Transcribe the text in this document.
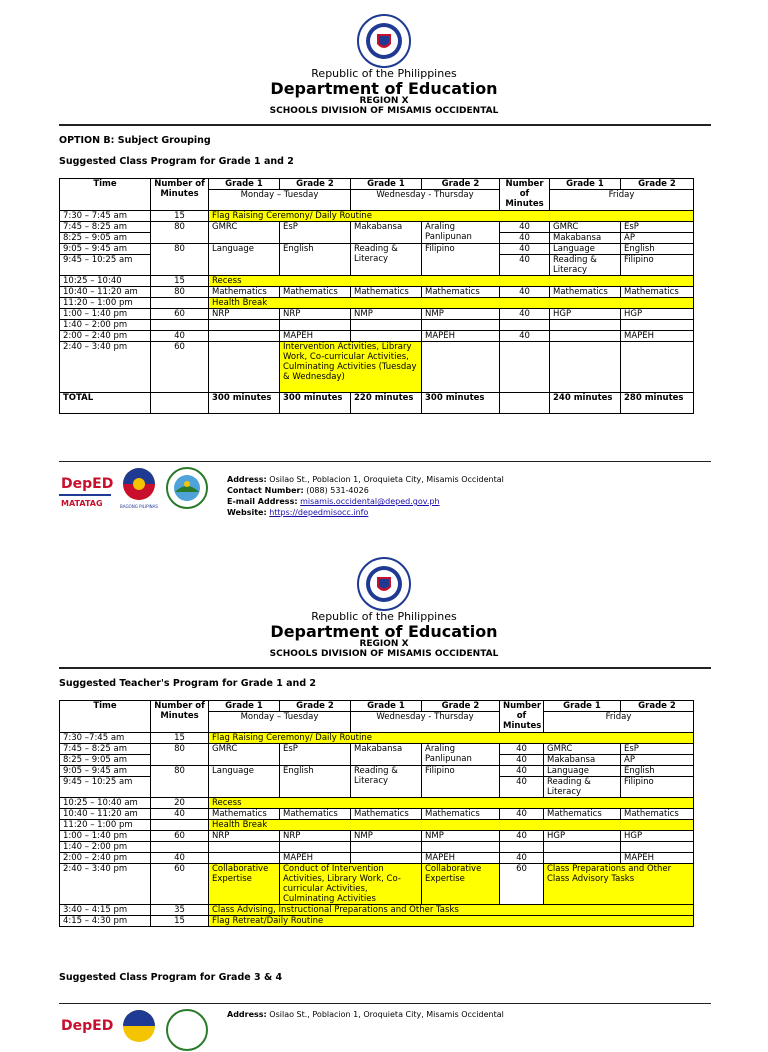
Republic of the Philippines
Department of Education
REGION X
SCHOOLS DIVISION OF MISAMIS OCCIDENTAL
OPTION B: Subject Grouping
Suggested Class Program for Grade 1 and 2
Time	Number of Minutes	Grade 1	Grade 2	Grade 1	Grade 2	Number of Minutes	Grade 1	Grade 2
		Monday – Tuesday		Wednesday - Thursday			Friday	
7:30 – 7:45 am	15	Flag Raising Ceremony/ Daily Routine						
7:45 – 8:25 am	80	GMRC	EsP	Makabansa	Araling Panlipunan	40	GMRC	EsP
8:25 – 9:05 am						40	Makabansa	AP
9:05 – 9:45 am	80	Language	English	Reading & Literacy	Filipino	40	Language	English
9:45 – 10:25 am						40	Reading & Literacy	Filipino
10:25 – 10:40	15	Recess						
10:40 – 11:20 am	80	Mathematics	Mathematics	Mathematics	Mathematics	40	Mathematics	Mathematics
11:20 – 1:00 pm		Health Break						
1:00 – 1:40 pm	60	NRP	NRP	NMP	NMP	40	HGP	HGP
1:40 – 2:00 pm								
2:00 – 2:40 pm	40		MAPEH		MAPEH	40		MAPEH
2:40 – 3:40 pm	60		Intervention Activities, Library Work, Co-curricular Activities, Culminating Activities (Tuesday & Wednesday)					
TOTAL		300 minutes	300 minutes	220 minutes	300 minutes		240 minutes	280 minutes
DepED
MATATAG	BAGONG PILIPINAS
Address: Osilao St., Poblacion 1, Oroquieta City, Misamis Occidental
Contact Number: (088) 531-4026
E-mail Address: misamis.occidental@deped.gov.ph
Website: https://depedmisocc.info
Republic of the Philippines
Department of Education
REGION X
SCHOOLS DIVISION OF MISAMIS OCCIDENTAL
Suggested Teacher's Program for Grade 1 and 2
Time	Number of Minutes	Grade 1	Grade 2	Grade 1	Grade 2	Number of Minutes	Grade 1	Grade 2
		Monday – Tuesday		Wednesday - Thursday			Friday	
7:30 –7:45 am	15	Flag Raising Ceremony/ Daily Routine						
7:45 – 8:25 am	80	GMRC	EsP	Makabansa	Araling Panlipunan	40	GMRC	EsP
8:25 – 9:05 am						40	Makabansa	AP
9:05 – 9:45 am	80	Language	English	Reading & Literacy	Filipino	40	Language	English
9:45 – 10:25 am						40	Reading & Literacy	Filipino
10:25 – 10:40 am	20	Recess						
10:40 – 11:20 am	40	Mathematics	Mathematics	Mathematics	Mathematics	40	Mathematics	Mathematics
11:20 – 1:00 pm		Health Break						
1:00 – 1:40 pm	60	NRP	NRP	NMP	NMP	40	HGP	HGP
1:40 – 2:00 pm								
2:00 – 2:40 pm	40		MAPEH		MAPEH	40		MAPEH
2:40 – 3:40 pm	60	Collaborative Expertise	Conduct of Intervention Activities, Library Work, Co-curricular Activities, Culminating Activities		Collaborative Expertise	60	Class Preparations and Other Class Advisory Tasks	
3:40 – 4:15 pm	35	Class Advising, Instructional Preparations and Other Tasks						
4:15 – 4:30 pm	15	Flag Retreat/Daily Routine						
Suggested Class Program for Grade 3 & 4
DepED
Address: Osilao St., Poblacion 1, Oroquieta City, Misamis Occidental
